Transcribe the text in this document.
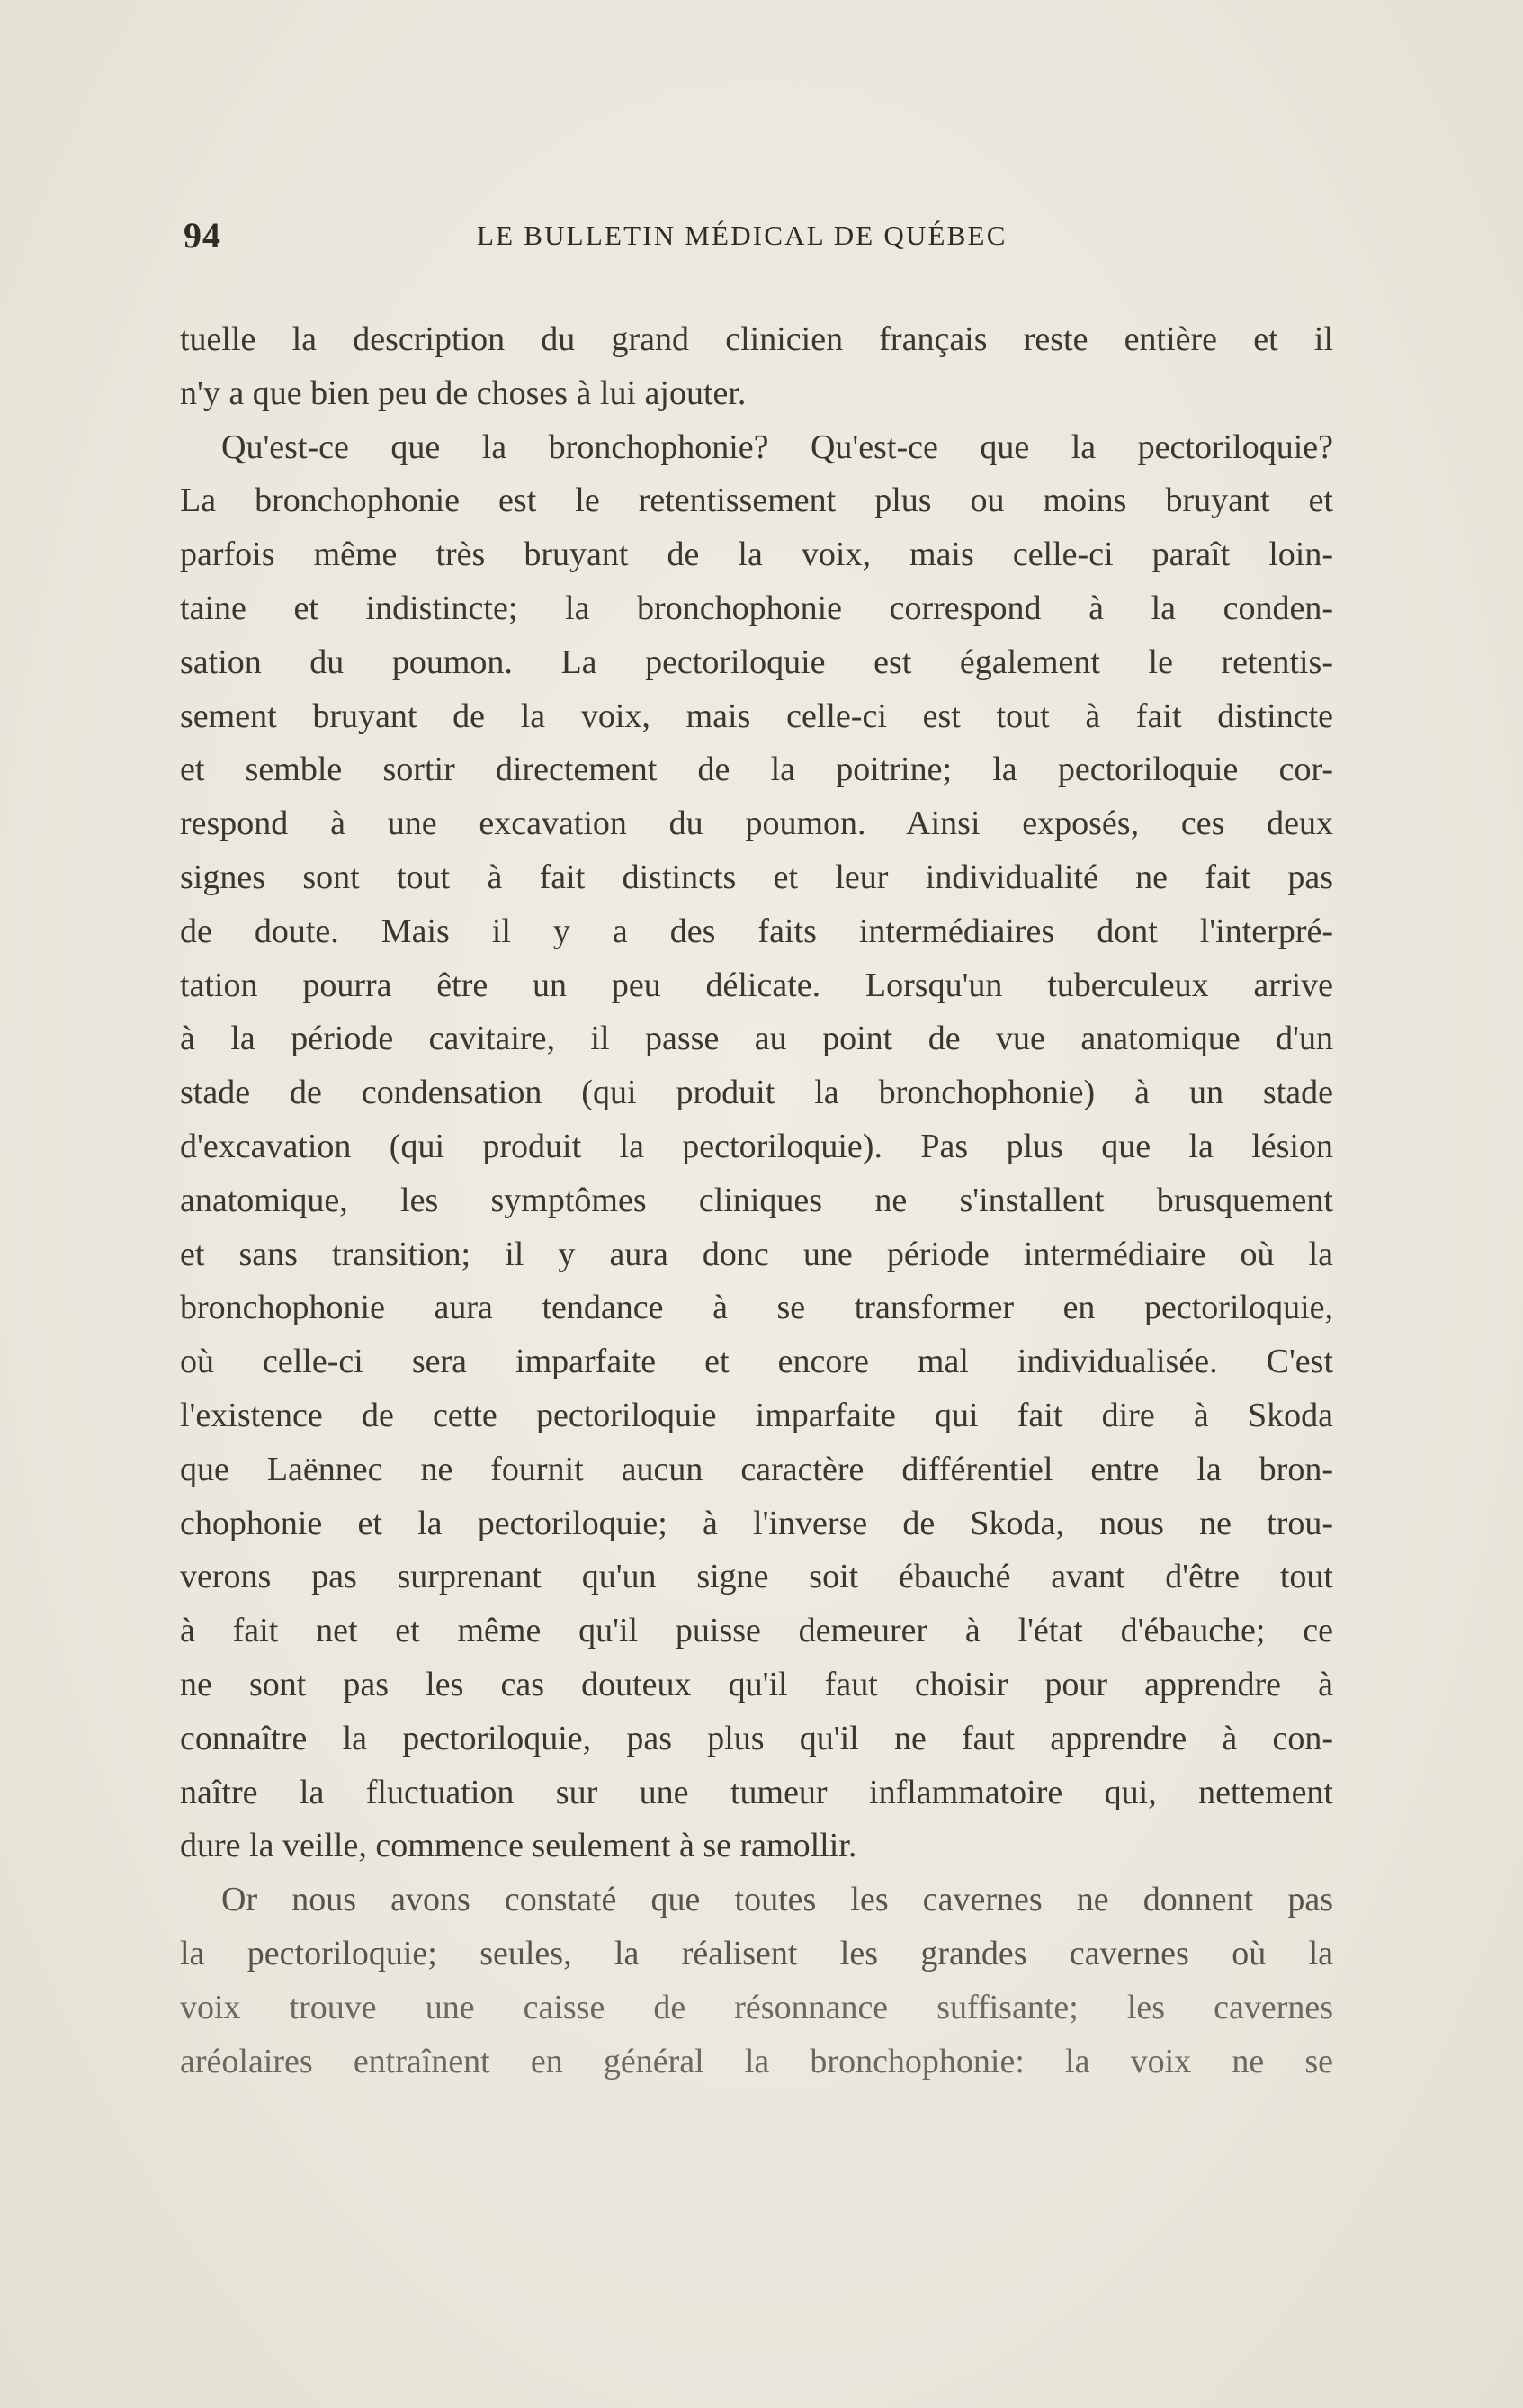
94	LE BULLETIN MÉDICAL DE QUÉBEC
tuelle la description du grand clinicien français reste entière et il
n'y a que bien peu de choses à lui ajouter.
Qu'est-ce que la bronchophonie? Qu'est-ce que la pectoriloquie?
La bronchophonie est le retentissement plus ou moins bruyant et
parfois même très bruyant de la voix, mais celle-ci paraît loin-
taine et indistincte; la bronchophonie correspond à la conden-
sation du poumon. La pectoriloquie est également le retentis-
sement bruyant de la voix, mais celle-ci est tout à fait distincte
et semble sortir directement de la poitrine; la pectoriloquie cor-
respond à une excavation du poumon. Ainsi exposés, ces deux
signes sont tout à fait distincts et leur individualité ne fait pas
de doute. Mais il y a des faits intermédiaires dont l'interpré-
tation pourra être un peu délicate. Lorsqu'un tuberculeux arrive
à la période cavitaire, il passe au point de vue anatomique d'un
stade de condensation (qui produit la bronchophonie) à un stade
d'excavation (qui produit la pectoriloquie). Pas plus que la lésion
anatomique, les symptômes cliniques ne s'installent brusquement
et sans transition; il y aura donc une période intermédiaire où la
bronchophonie aura tendance à se transformer en pectoriloquie,
où celle-ci sera imparfaite et encore mal individualisée. C'est
l'existence de cette pectoriloquie imparfaite qui fait dire à Skoda
que Laënnec ne fournit aucun caractère différentiel entre la bron-
chophonie et la pectoriloquie; à l'inverse de Skoda, nous ne trou-
verons pas surprenant qu'un signe soit ébauché avant d'être tout
à fait net et même qu'il puisse demeurer à l'état d'ébauche; ce
ne sont pas les cas douteux qu'il faut choisir pour apprendre à
connaître la pectoriloquie, pas plus qu'il ne faut apprendre à con-
naître la fluctuation sur une tumeur inflammatoire qui, nettement
dure la veille, commence seulement à se ramollir.
Or nous avons constaté que toutes les cavernes ne donnent pas
la pectoriloquie; seules, la réalisent les grandes cavernes où la
voix trouve une caisse de résonnance suffisante; les cavernes
aréolaires entraînent en général la bronchophonie: la voix ne se
